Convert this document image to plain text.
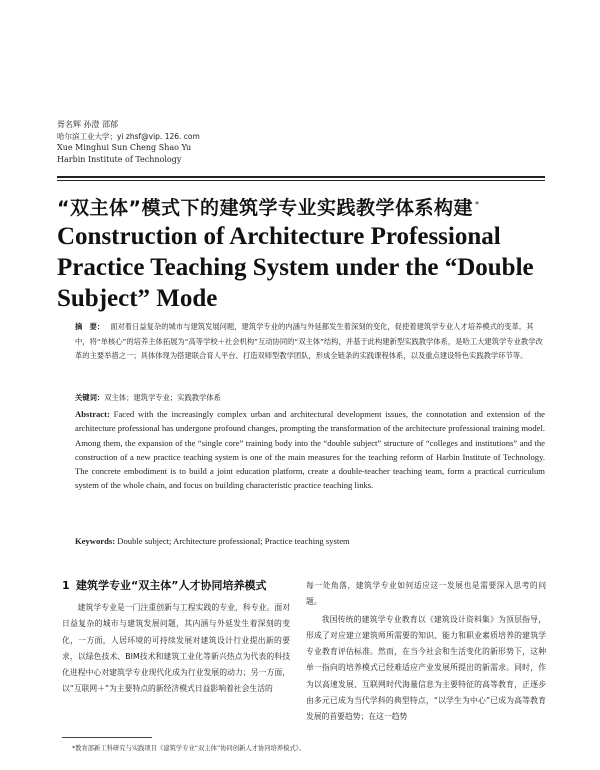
胥名辉 孙澄 邵郁
哈尔滨工业大学；yi zhsf@vip. 126. com
Xue Minghui Sun Cheng Shao Yu
Harbin Institute of Technology
“双主体”模式下的建筑学专业实践教学体系构建 *
Construction of Architecture Professional Practice Teaching System under the “Double Subject” Mode
摘　要： 面对着日益复杂的城市与建筑发展问题，建筑学专业的内涵与外延都发生着深刻的变化，促使着建筑学专业人才培养模式的变革。其中，将“单核心”的培养主体拓展为“高等学校＋社会机构”互动协同的“双主体”结构，并基于此构建新型实践教学体系，是哈工大建筑学专业教学改革的主要举措之一；具体体现为搭建联合育人平台、打造双师型教学团队，形成全链条的实践课程体系，以及重点建设特色实践教学环节等。
关键词：双主体；建筑学专业；实践教学体系
Abstract: Faced with the increasingly complex urban and architectural development issues, the connotation and extension of the architecture professional has undergone profound changes, prompting the transformation of the architecture professional training model. Among them, the expansion of the “single core” training body into the “double subject” structure of “colleges and institutions” and the construction of a new practice teaching system is one of the main measures for the teaching reform of Harbin Institute of Technology. The concrete embodiment is to build a joint education platform, create a double-teacher teaching team, form a practical curriculum system of the whole chain, and focus on building characteristic practice teaching links.
Keywords: Double subject; Architecture professional; Practice teaching system
1 建筑学专业“双主体”人才协同培养模式

建筑学专业是一门注重创新与工程实践的专业，科专业。面对日益复杂的城市与建筑发展问题，其内涵与外延发生着深刻的变化，一方面，人居环境的可持续发展对建筑设计行业提出新的要求，以绿色技术、BIM技术和建筑工业化等新兴热点为代表的科技化进程中心对建筑学专业现代化成为行业发展的动力；另一方面，以“互联网＋”为主要特点的新经济模式日益影响着社会生活的

每一处角落，建筑学专业如何适应这一发展也是需要深入思考的问题。

我国传统的建筑学专业教育以《建筑设计资料集》为顶层指导，形成了对应建立建筑师所需要的知识、能力和职业素质培养的建筑学专业教育评估标准。然而，在当今社会和生活变化的新形势下，这种单一指向的培养模式已经难适应产业发展所提出的新需求。同时，作为以高速发展、互联网时代海量信息为主要特征的高等教育，正逐步由多元已成为当代学科的典型特点，“以学生为中心”已成为高等教育发展的首要趋势；在这一趋势

*教育部新工科研究与实践项目《建筑学专业“双主体”协同创新人才协同培养模式》。
